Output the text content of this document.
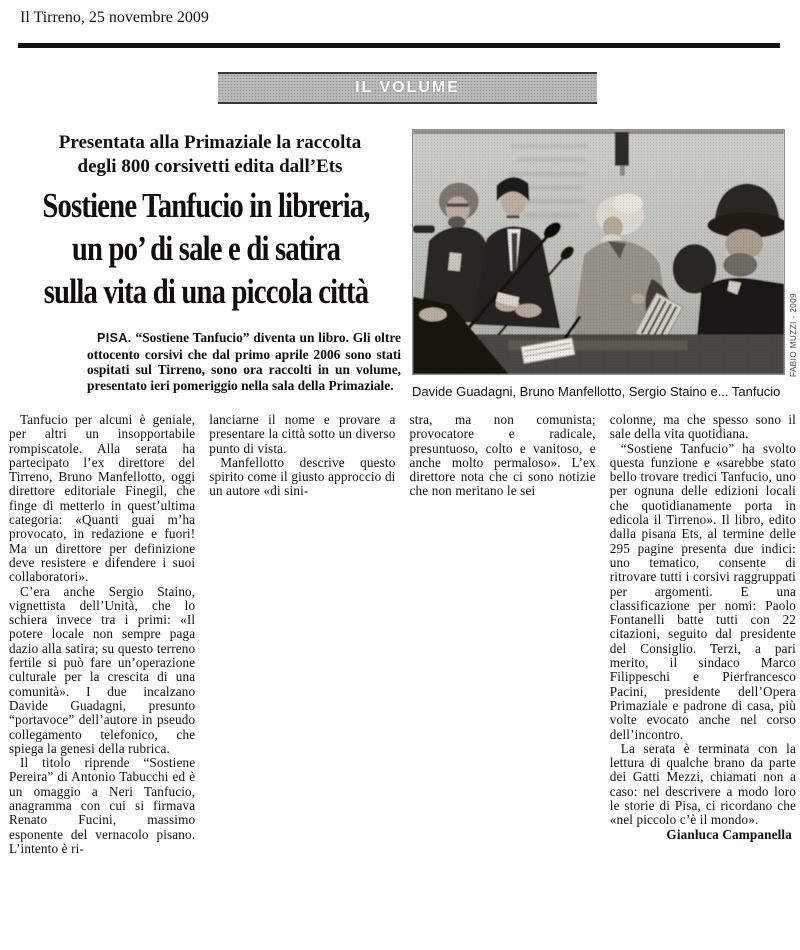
Il Tirreno, 25 novembre 2009
IL VOLUME
Presentata alla Primaziale la raccolta
degli 800 corsivetti edita dall’Ets
Sostiene Tanfucio in libreria,
un po’ di sale e di satira
sulla vita di una piccola città

PISA. “Sostiene Tanfucio” diventa un libro. Gli oltre ottocento corsivi che dal primo aprile 2006 sono stati ospitati sul Tirreno, sono ora raccolti in un volume, presentato ieri pomeriggio nella sala della Primaziale.

FABIO MUZZI - 2009
Davide Guadagni, Bruno Manfellotto, Sergio Staino e... Tanfucio

Tanfucio per alcuni è geniale, per altri un insopportabile rompiscatole. Alla serata ha partecipato l’ex direttore del Tirreno, Bruno Manfellotto, oggi direttore editoriale Finegil, che finge di metterlo in quest’ultima categoria: «Quanti guai m’ha provocato, in redazione e fuori! Ma un direttore per definizione deve resistere e difendere i suoi collaboratori».

C’era anche Sergio Staino, vignettista dell’Unità, che lo schiera invece tra i primi: «Il potere locale non sempre paga dazio alla satira; su questo terreno fertile si può fare un’operazione culturale per la crescita di una comunità». I due incalzano Davide Guadagni, presunto “portavoce” dell’autore in pseudo collegamento telefonico, che spiega la genesi della rubrica.

Il titolo riprende “Sostiene Pereira” di Antonio Tabucchi ed è un omaggio a Neri Tanfucio, anagramma con cui si firmava Renato Fucini, massimo esponente del vernacolo pisano. L’intento è ri-

lanciarne il nome e provare a presentare la città sotto un diverso punto di vista.

Manfellotto descrive questo spirito come il giusto approccio di un autore «di sini-

stra, ma non comunista; provocatore e radicale, presuntuoso, colto e vanitoso, e anche molto permaloso». L’ex direttore nota che ci sono notizie che non meritano le sei

colonne, ma che spesso sono il sale della vita quotidiana.

“Sostiene Tanfucio” ha svolto questa funzione e «sarebbe stato bello trovare tredici Tanfucio, uno per ognuna delle edizioni locali che quotidianamente porta in edicola il Tirreno». Il libro, edito dalla pisana Ets, al termine delle 295 pagine presenta due indici: uno tematico, consente di ritrovare tutti i corsivi raggruppati per argomenti. E una classificazione per nomi: Paolo Fontanelli batte tutti con 22 citazioni, seguito dal presidente del Consiglio. Terzi, a pari merito, il sindaco Marco Filippeschi e Pierfrancesco Pacini, presidente dell’Opera Primaziale e padrone di casa, più volte evocato anche nel corso dell’incontro.

La serata è terminata con la lettura di qualche brano da parte dei Gatti Mezzi, chiamati non a caso: nel descrivere a modo loro le storie di Pisa, ci ricordano che «nel piccolo c’è il mondo».

Gianluca Campanella
